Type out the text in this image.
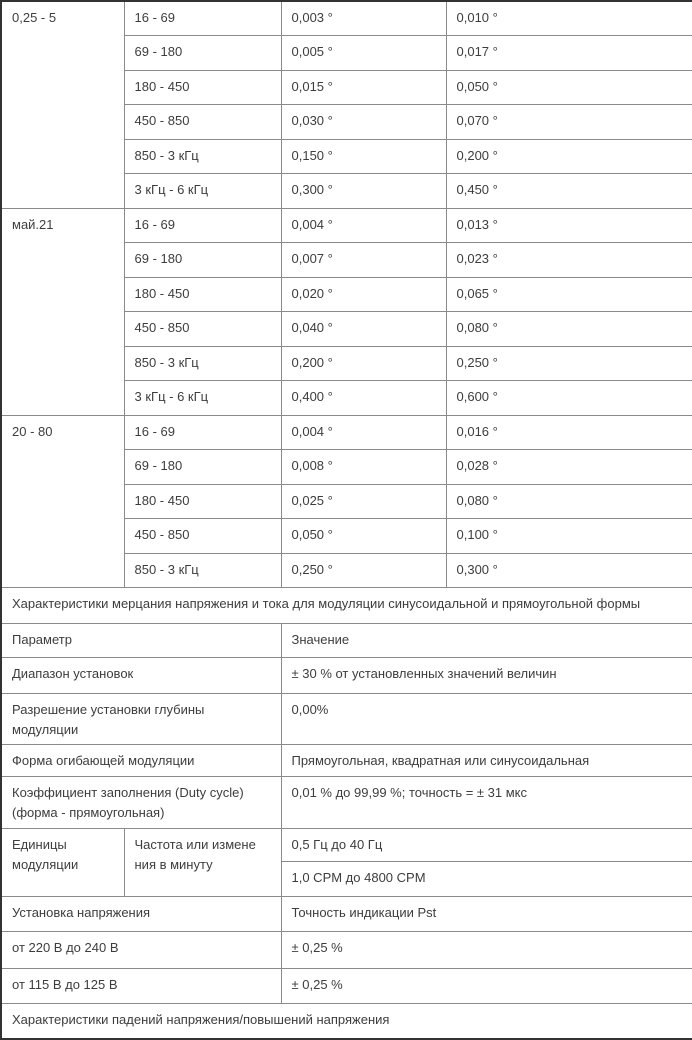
0,25 - 5	16 - 69	0,003 °	0,010 °
	69 - 180	0,005 °	0,017 °
	180 - 450	0,015 °	0,050 °
	450 - 850	0,030 °	0,070 °
	850 - 3 кГц	0,150 °	0,200 °
	3 кГц - 6 кГц	0,300 °	0,450 °
май.21	16 - 69	0,004 °	0,013 °
	69 - 180	0,007 °	0,023 °
	180 - 450	0,020 °	0,065 °
	450 - 850	0,040 °	0,080 °
	850 - 3 кГц	0,200 °	0,250 °
	3 кГц - 6 кГц	0,400 °	0,600 °
20 - 80	16 - 69	0,004 °	0,016 °
	69 - 180	0,008 °	0,028 °
	180 - 450	0,025 °	0,080 °
	450 - 850	0,050 °	0,100 °
	850 - 3 кГц	0,250 °	0,300 °
Характеристики мерцания напряжения и тока для модуляции синусоидальной и прямоугольной формы			
Параметр		Значение	
Диапазон установок		± 30 % от установленных значений величин	
Разрешение установки глубины модуляции		0,00%	
Форма огибающей модуляции		Прямоугольная, квадратная или синусоидальная	
Коэффициент заполнения (Duty cycle) (форма - прямоугольная)		0,01 % до 99,99 %; точность = ± 31 мкс	
Единицы модуляции	Частота или измене ния в минуту	0,5 Гц до 40 Гц	
		1,0 CPM до 4800 CPM	
Установка напряжения		Точность индикации Pst	
от 220 В до 240 В		± 0,25 %	
от 115 В до 125 В		± 0,25 %	
Характеристики падений напряжения/повышений напряжения			
